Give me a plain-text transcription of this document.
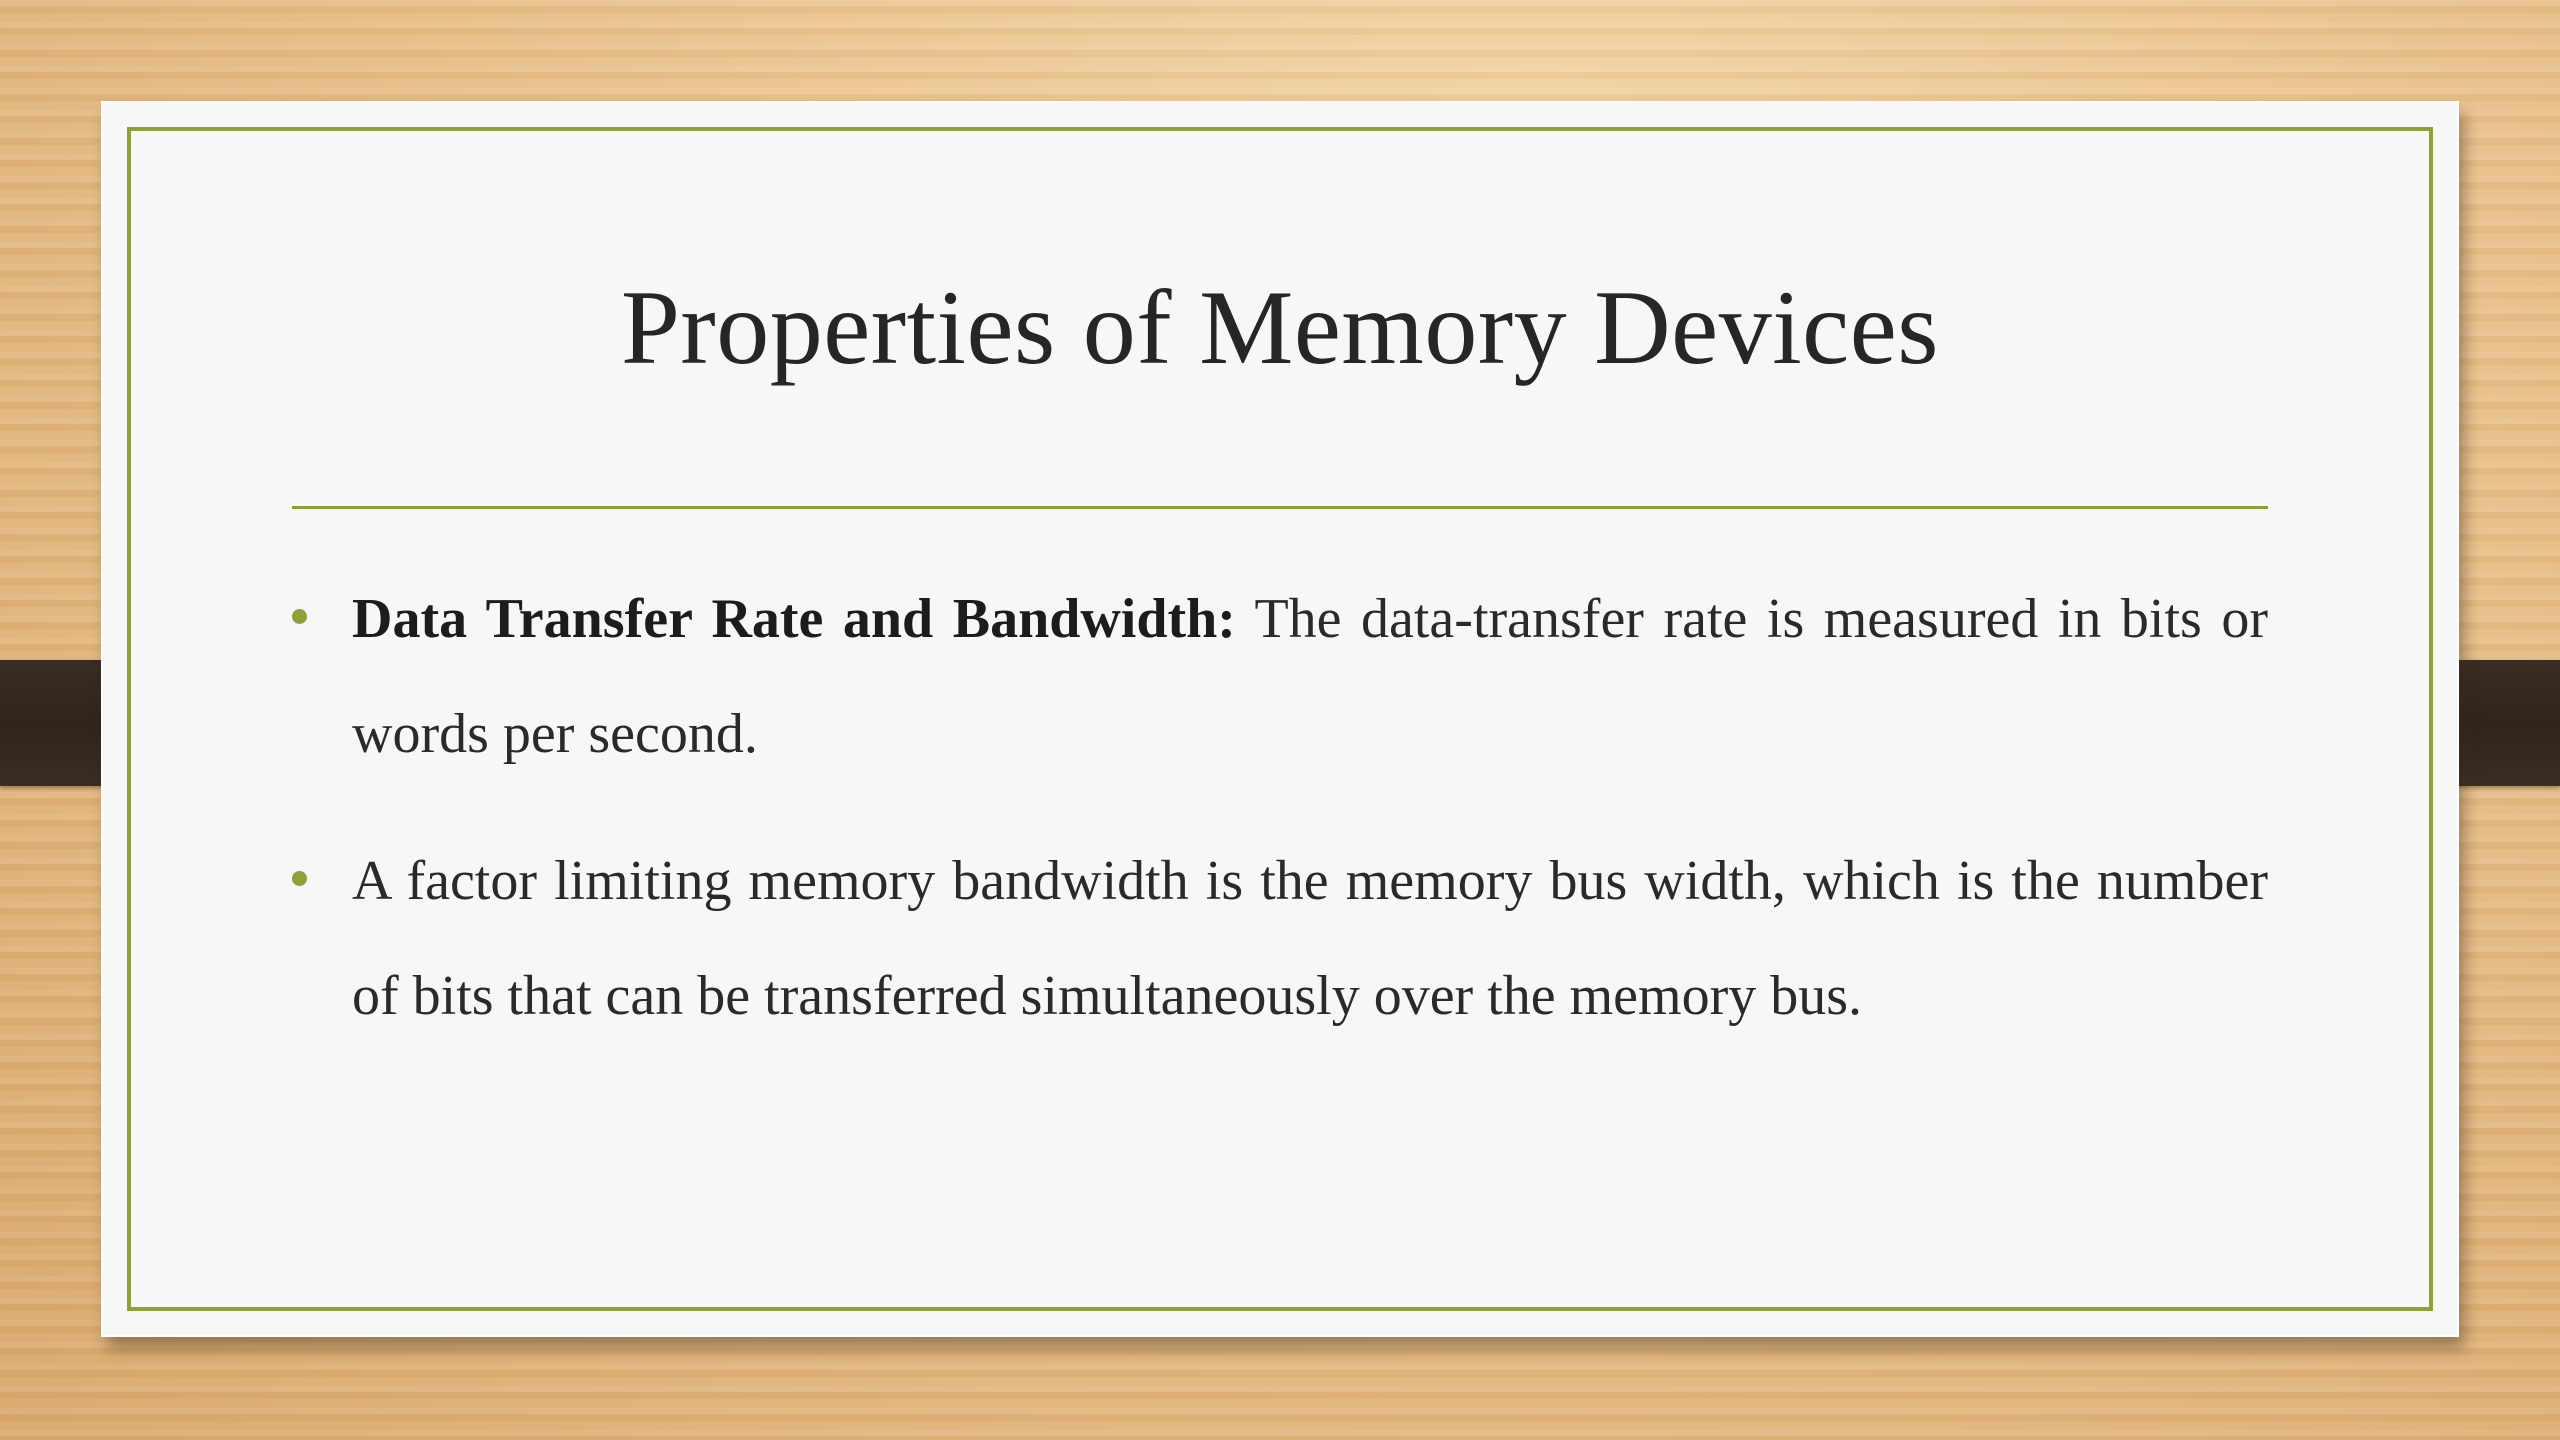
Properties of Memory Devices
Data Transfer Rate and Bandwidth: The data-transfer rate is measured in bits or words per second.
A factor limiting memory bandwidth is the memory bus width, which is the number of bits that can be transferred simultaneously over the memory bus.
